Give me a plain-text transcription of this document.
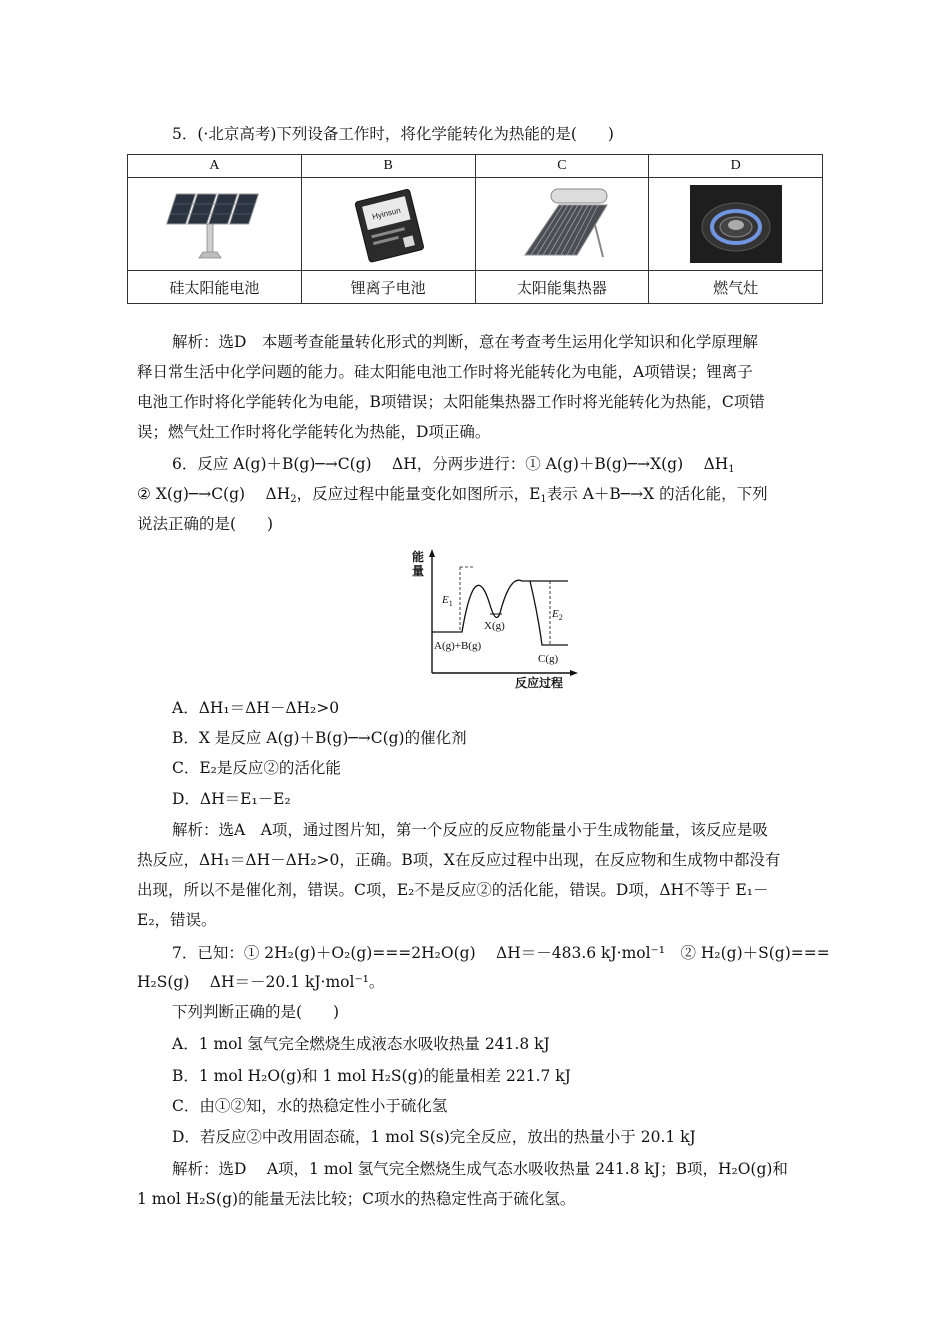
5．(·北京高考)下列设备工作时，将化学能转化为热能的是(　　)
A	B	C	D

Hyinsun

硅太阳能电池	锂离子电池	太阳能集热器	燃气灶
解析：选D　本题考查能量转化形式的判断，意在考查考生运用化学知识和化学原理解
释日常生活中化学问题的能力。硅太阳能电池工作时将光能转化为电能，A项错误；锂离子
电池工作时将化学能转化为电能，B项错误；太阳能集热器工作时将光能转化为热能，C项错
误；燃气灶工作时将化学能转化为热能，D项正确。
6．反应 A(g)＋B(g)─→C(g)　 ΔH，分两步进行：① A(g)＋B(g)─→X(g)　 $\Delta H_1$
② X(g)─→C(g)　 $\Delta H_2$，反应过程中能量变化如图所示，$E_1$表示 A＋B─→X 的活化能，下列
说法正确的是(　　)
能
量
反应过程
$E_1$
$E_2$
X(g)
A(g)+B(g)
C(g)
A．ΔH₁＝ΔH－ΔH₂>0
B．X 是反应 A(g)＋B(g)─→C(g)的催化剂
C．E₂是反应②的活化能
D．ΔH＝E₁－E₂
解析：选A　A项，通过图片知，第一个反应的反应物能量小于生成物能量，该反应是吸
热反应，ΔH₁＝ΔH－ΔH₂>0，正确。B项，X在反应过程中出现，在反应物和生成物中都没有
出现，所以不是催化剂，错误。C项，E₂不是反应②的活化能，错误。D项，ΔH不等于 E₁－
E₂，错误。
7．已知：① 2H₂(g)＋O₂(g)===2H₂O(g)　 ΔH＝－483.6 kJ·mol⁻¹　② H₂(g)＋S(g)===
H₂S(g)　 ΔH＝－20.1 kJ·mol⁻¹。
下列判断正确的是(　　)
A．1 mol 氢气完全燃烧生成液态水吸收热量 241.8 kJ
B．1 mol H₂O(g)和 1 mol H₂S(g)的能量相差 221.7 kJ
C．由①②知，水的热稳定性小于硫化氢
D．若反应②中改用固态硫，1 mol S(s)完全反应，放出的热量小于 20.1 kJ
解析：选D　 A项，1 mol 氢气完全燃烧生成气态水吸收热量 241.8 kJ；B项，H₂O(g)和
1 mol H₂S(g)的能量无法比较；C项水的热稳定性高于硫化氢。
